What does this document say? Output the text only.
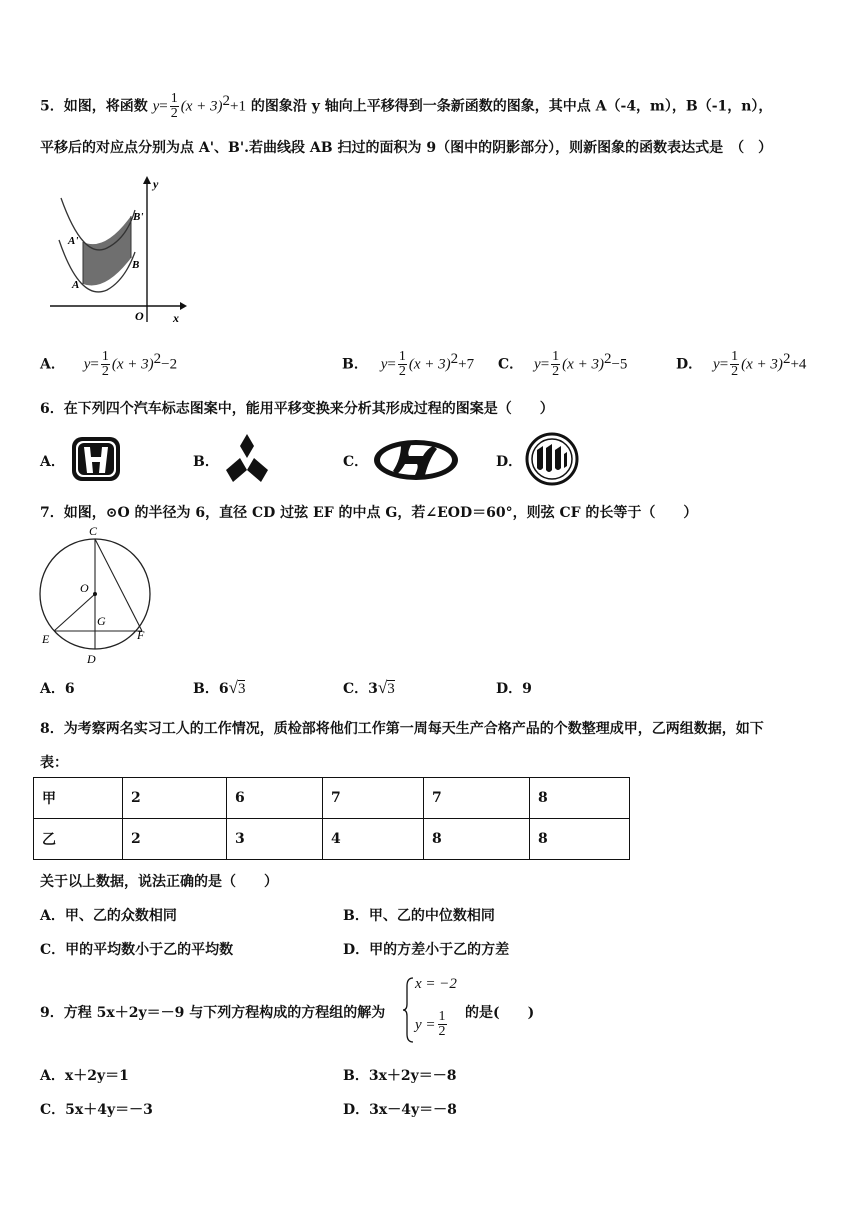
5．如图，将函数 $y= \frac{1}{2} (x + 3)^2+1$ 的图象沿 y 轴向上平移得到一条新函数的图象，其中点 A（-4，m），B（-1，n），
平移后的对应点分别为点 A'、B'.若曲线段 AB 扫过的面积为 9（图中的阴影部分），则新图象的函数表达式是　（　）
y
x
O
A
A'
B
B'
A． $y= \frac{1}{2} (x + 3)^2-2$	B． $y= \frac{1}{2} (x + 3)^2+7$ C． $y= \frac{1}{2} (x + 3)^2-5$	D． $y= \frac{1}{2} (x + 3)^2+4$
6．在下列四个汽车标志图案中，能用平移变换来分析其形成过程的图案是（　　）
A．	B．	C．	D．
7．如图，⊙O 的半径为 6，直径 CD 过弦 EF 的中点 G，若∠EOD＝60°，则弦 CF 的长等于（　　）
C
O
G
E	F
D
A．6	B．6√3	C．3√3	D．9
8．为考察两名实习工人的工作情况，质检部将他们工作第一周每天生产合格产品的个数整理成甲，乙两组数据，如下
表：
甲	2	6	7	7	8
乙	2	3	4	8	8
关于以上数据，说法正确的是（　　）
A．甲、乙的众数相同	B．甲、乙的中位数相同
C．甲的平均数小于乙的平均数	D．甲的方差小于乙的方差
9．方程 5x＋2y＝－9 与下列方程构成的方程组的解为
x = −2
$y = \frac{1}{2}$ 的是(　　)
A．x＋2y＝1	B．3x＋2y＝－8
C．5x＋4y＝－3	D．3x－4y＝－8
